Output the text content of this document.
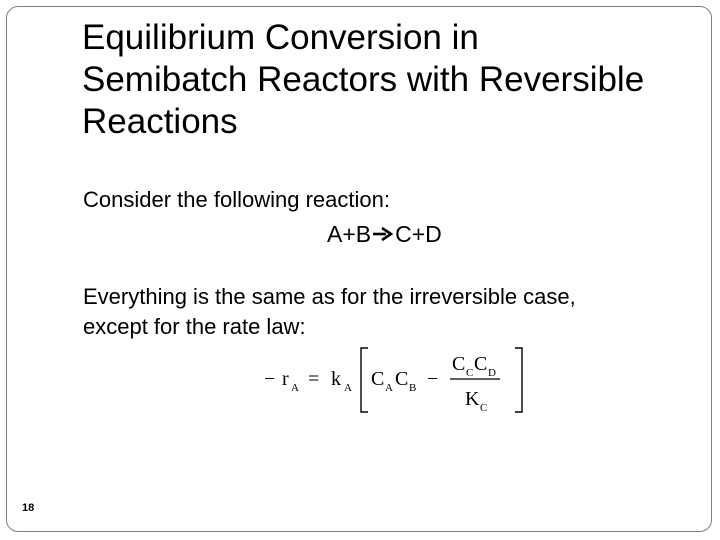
Equilibrium Conversion in
Semibatch Reactors with Reversible
Reactions
Consider the following reaction:
A+B C+D
Everything is the same as for the irreversible case,
except for the rate law:
− r A = k A C A C B −
C C C D
K C
18
